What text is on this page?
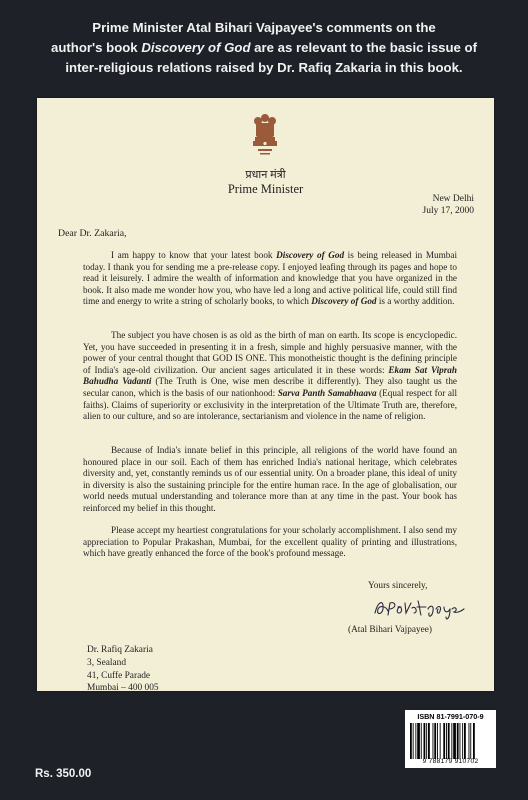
Prime Minister Atal Bihari Vajpayee's comments on the
author's book Discovery of God are as relevant to the basic issue of
inter-religious relations raised by Dr. Rafiq Zakaria in this book.
प्रधान मंत्री
Prime Minister
New Delhi
July 17, 2000
Dear Dr. Zakaria,

I am happy to know that your latest book Discovery of God is being released in Mumbai today. I thank you for sending me a pre-release copy. I enjoyed leafing through its pages and hope to read it leisurely. I admire the wealth of information and knowledge that you have organized in the book. It also made me wonder how you, who have led a long and active political life, could still find time and energy to write a string of scholarly books, to which Discovery of God is a worthy addition.

The subject you have chosen is as old as the birth of man on earth. Its scope is encyclopedic. Yet, you have succeeded in presenting it in a fresh, simple and highly persuasive manner, with the power of your central thought that GOD IS ONE. This monotheistic thought is the defining principle of India's age-old civilization. Our ancient sages articulated it in these words: Ekam Sat Viprah Bahudha Vadanti (The Truth is One, wise men describe it differently). They also taught us the secular canon, which is the basis of our nationhood: Sarva Panth Samabhaava (Equal respect for all faiths). Claims of superiority or exclusivity in the interpretation of the Ultimate Truth are, therefore, alien to our culture, and so are intolerance, sectarianism and violence in the name of religion.

Because of India's innate belief in this principle, all religions of the world have found an honoured place in our soil. Each of them has enriched India's national heritage, which celebrates diversity and, yet, constantly reminds us of our essential unity. On a broader plane, this ideal of unity in diversity is also the sustaining principle for the entire human race. In the age of globalisation, our world needs mutual understanding and tolerance more than at any time in the past. Your book has reinforced my belief in this thought.

Please accept my heartiest congratulations for your scholarly accomplishment. I also send my appreciation to Popular Prakashan, Mumbai, for the excellent quality of printing and illustrations, which have greatly enhanced the force of the book's profound message.

Yours sincerely,
(Atal Bihari Vajpayee)
Dr. Rafiq Zakaria
3, Sealand
41, Cuffe Parade
Mumbai – 400 005
ISBN 81-7991-070-9
9 788179 910702
Rs. 350.00
